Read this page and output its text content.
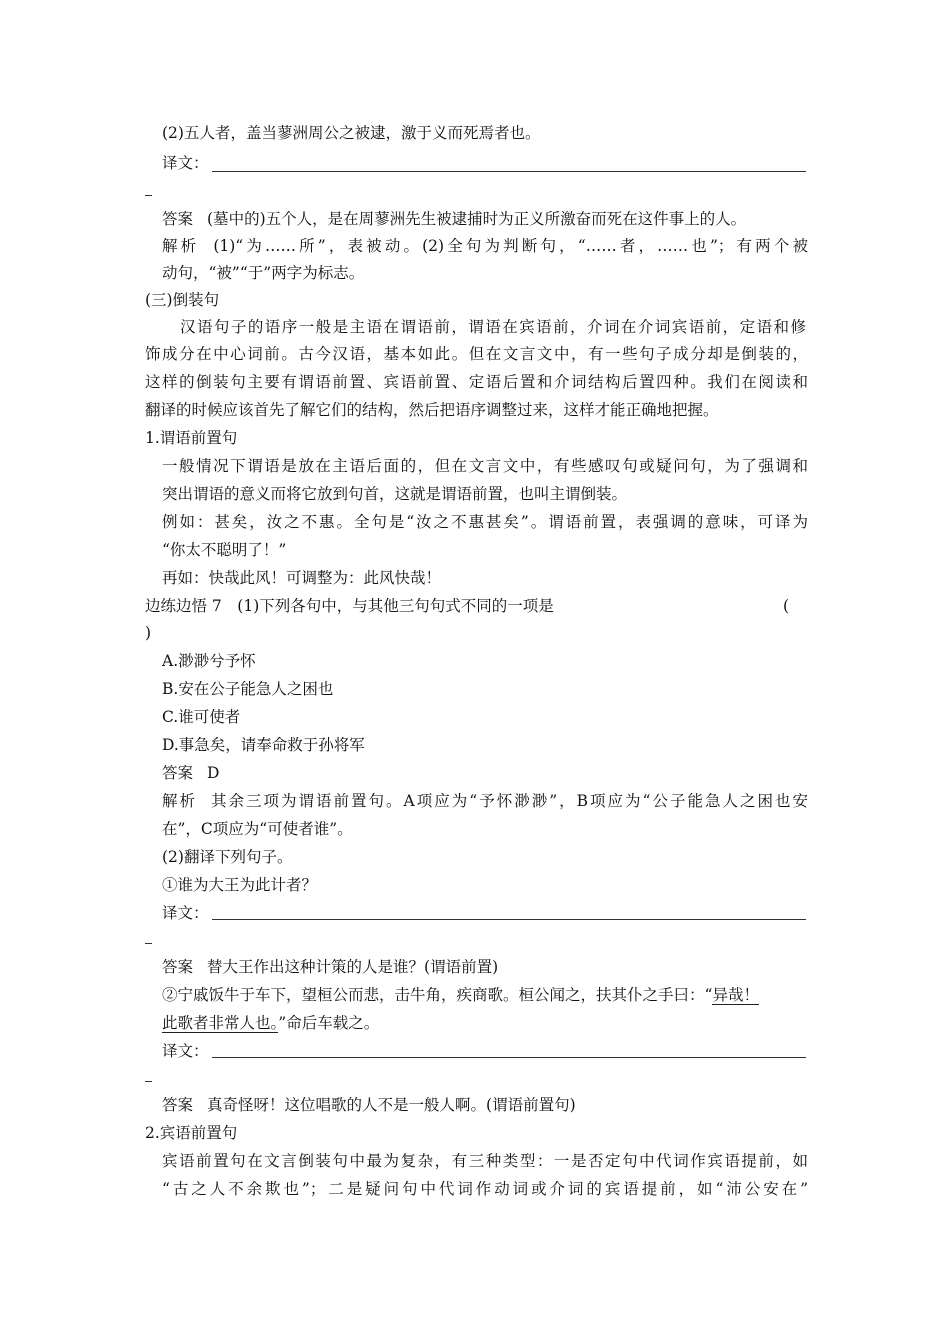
(2)五人者，盖当蓼洲周公之被逮，激于义而死焉者也。
译文：
答案 (墓中的)五个人，是在周蓼洲先生被逮捕时为正义所激奋而死在这件事上的人。
解析 (1)“为……所”，表被动。(2)全句为判断句，“……者，……也”；有两个被
动句，“被”“于”两字为标志。
(三)倒装句
汉语句子的语序一般是主语在谓语前，谓语在宾语前，介词在介词宾语前，定语和修
饰成分在中心词前。古今汉语，基本如此。但在文言文中，有一些句子成分却是倒装的，
这样的倒装句主要有谓语前置、宾语前置、定语后置和介词结构后置四种。我们在阅读和
翻译的时候应该首先了解它们的结构，然后把语序调整过来，这样才能正确地把握。
1.谓语前置句
一般情况下谓语是放在主语后面的，但在文言文中，有些感叹句或疑问句，为了强调和
突出谓语的意义而将它放到句首，这就是谓语前置，也叫主谓倒装。
例如：甚矣，汝之不惠。全句是“汝之不惠甚矣”。谓语前置，表强调的意味，可译为
“你太不聪明了！”
再如：快哉此风！可调整为：此风快哉！
边练边悟 7　(1)下列各句中，与其他三句句式不同的一项是	(
)
A.渺渺兮予怀
B.安在公子能急人之困也
C.谁可使者
D.事急矣，请奉命救于孙将军
答案 D
解析 其余三项为谓语前置句。A项应为“予怀渺渺”，B项应为“公子能急人之困也安
在”，C项应为“可使者谁”。
(2)翻译下列句子。
①谁为大王为此计者？
译文：
答案 替大王作出这种计策的人是谁？(谓语前置)
②宁戚饭牛于车下，望桓公而悲，击牛角，疾商歌。桓公闻之，扶其仆之手曰：“异哉！
此歌者非常人也。”命后车载之。
译文：
答案 真奇怪呀！这位唱歌的人不是一般人啊。(谓语前置句)
2.宾语前置句
宾语前置句在文言倒装句中最为复杂，有三种类型：一是否定句中代词作宾语提前，如
“古之人不余欺也”；二是疑问句中代词作动词或介词的宾语提前，如“沛公安在”
